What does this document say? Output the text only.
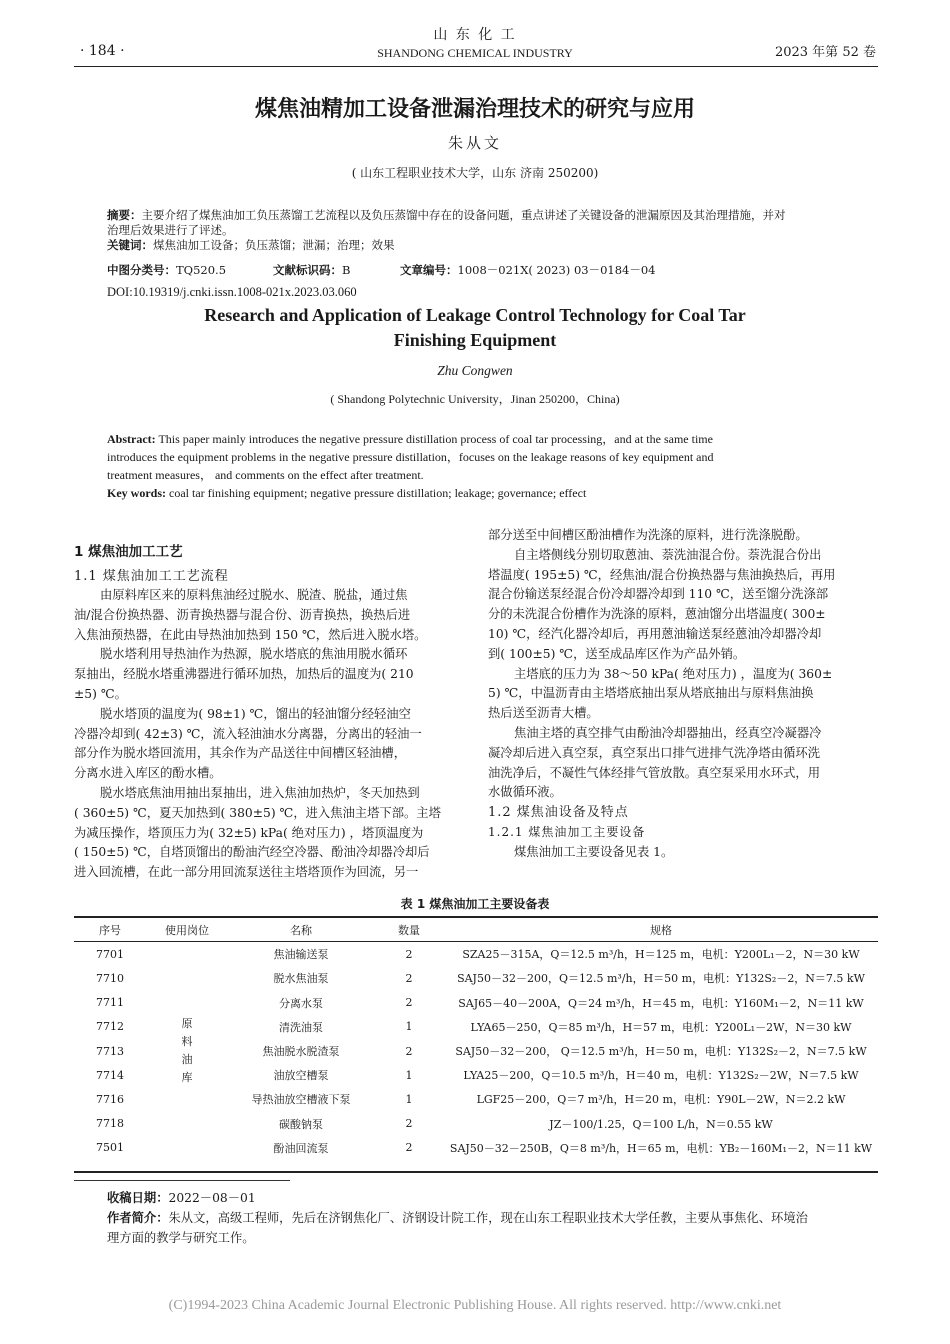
· 184 ·
山 东 化 工
SHANDONG CHEMICAL INDUSTRY	2023 年第 52 卷
煤焦油精加工设备泄漏治理技术的研究与应用
朱从文
( 山东工程职业技术大学，山东 济南 250200)
摘要：主要介绍了煤焦油加工负压蒸馏工艺流程以及负压蒸馏中存在的设备问题，重点讲述了关键设备的泄漏原因及其治理措施，并对
治理后效果进行了评述。
关键词：煤焦油加工设备；负压蒸馏；泄漏；治理；效果
中图分类号：TQ520.5	文献标识码：B	文章编号：1008－021X( 2023) 03－0184－04
DOI:10.19319/j.cnki.issn.1008-021x.2023.03.060
Research and Application of Leakage Control Technology for Coal Tar
Finishing Equipment
Zhu Congwen
( Shandong Polytechnic University，Jinan 250200，China)
Abstract: This paper mainly introduces the negative pressure distillation process of coal tar processing，and at the same time
introduces the equipment problems in the negative pressure distillation，focuses on the leakage reasons of key equipment and
treatment measures， and comments on the effect after treatment.
Key words: coal tar finishing equipment; negative pressure distillation; leakage; governance; effect
1 煤焦油加工工艺
1.1 煤焦油加工工艺流程
由原料库区来的原料焦油经过脱水、脱渣、脱盐，通过焦
油/混合份换热器、沥青换热器与混合份、沥青换热，换热后进
入焦油预热器，在此由导热油加热到 150 ℃，然后进入脱水塔。
脱水塔利用导热油作为热源，脱水塔底的焦油用脱水循环
泵抽出，经脱水塔重沸器进行循环加热，加热后的温度为( 210
±5) ℃。
脱水塔顶的温度为( 98±1) ℃，馏出的轻油馏分经轻油空
冷器冷却到( 42±3) ℃，流入轻油油水分离器，分离出的轻油一
部分作为脱水塔回流用，其余作为产品送往中间槽区轻油槽，
分离水进入库区的酚水槽。
脱水塔底焦油用抽出泵抽出，进入焦油加热炉，冬天加热到
( 360±5) ℃，夏天加热到( 380±5) ℃，进入焦油主塔下部。主塔
为减压操作，塔顶压力为( 32±5) kPa( 绝对压力) ，塔顶温度为
( 150±5) ℃，自塔顶馏出的酚油汽经空冷器、酚油冷却器冷却后
进入回流槽，在此一部分用回流泵送往主塔塔顶作为回流，另一
部分送至中间槽区酚油槽作为洗涤的原料，进行洗涤脱酚。
自主塔侧线分别切取蒽油、萘洗油混合份。萘洗混合份出
塔温度( 195±5) ℃，经焦油/混合份换热器与焦油换热后，再用
混合份输送泵经混合份冷却器冷却到 110 ℃，送至馏分洗涤部
分的未洗混合份槽作为洗涤的原料，蒽油馏分出塔温度( 300±
10) ℃，经汽化器冷却后，再用蒽油输送泵经蒽油冷却器冷却
到( 100±5) ℃，送至成品库区作为产品外销。
主塔底的压力为 38～50 kPa( 绝对压力) ，温度为( 360±
5) ℃，中温沥青由主塔塔底抽出泵从塔底抽出与原料焦油换
热后送至沥青大槽。
焦油主塔的真空排气由酚油冷却器抽出，经真空冷凝器冷
凝冷却后进入真空泵，真空泵出口排气进排气洗净塔由循环洗
油洗净后，不凝性气体经排气管放散。真空泵采用水环式，用
水做循环液。
1.2 煤焦油设备及特点
1.2.1 煤焦油加工主要设备
煤焦油加工主要设备见表 1。
表 1 煤焦油加工主要设备表
序号	使用岗位	名称	数量	规格
7701	原
料
油
库	焦油输送泵	2	SZA25－315A，Q＝12.5 m³/h，H＝125 m，电机：Y200L₁－2，N＝30 kW
7710		脱水焦油泵	2	SAJ50－32－200，Q＝12.5 m³/h，H＝50 m，电机：Y132S₂－2，N＝7.5 kW
7711		分离水泵	2	SAJ65－40－200A，Q＝24 m³/h，H＝45 m，电机：Y160M₁－2，N＝11 kW
7712		清洗油泵	1	LYA65－250，Q＝85 m³/h，H＝57 m，电机：Y200L₁－2W，N＝30 kW
7713		焦油脱水脱渣泵	2	SAJ50－32－200， Q＝12.5 m³/h，H＝50 m，电机：Y132S₂－2，N＝7.5 kW
7714		油放空槽泵	1	LYA25－200，Q＝10.5 m³/h，H＝40 m，电机：Y132S₂－2W，N＝7.5 kW
7716		导热油放空槽液下泵	1	LGF25－200，Q＝7 m³/h，H＝20 m，电机：Y90L－2W，N＝2.2 kW
7718		碳酸钠泵	2	JZ－100/1.25，Q＝100 L/h，N＝0.55 kW
7501		酚油回流泵	2	SAJ50－32－250B，Q＝8 m³/h，H＝65 m，电机：YB₂－160M₁－2，N＝11 kW
收稿日期：2022－08－01
作者简介：朱从文，高级工程师，先后在济钢焦化厂、济钢设计院工作，现在山东工程职业技术大学任教，主要从事焦化、环境治
理方面的教学与研究工作。
(C)1994-2023 China Academic Journal Electronic Publishing House. All rights reserved. http://www.cnki.net
